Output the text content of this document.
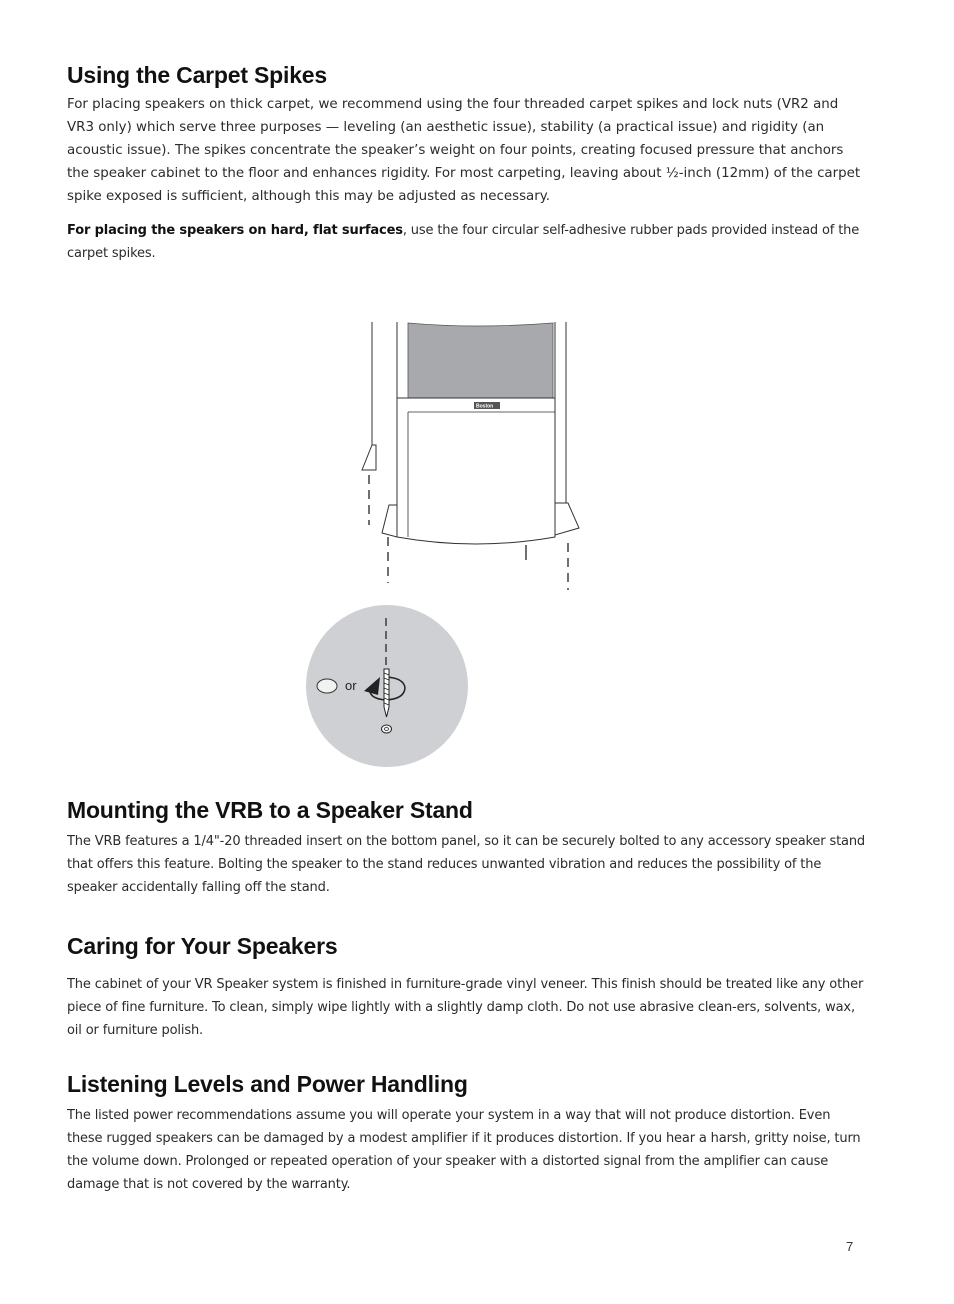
Using the Carpet Spikes

For placing speakers on thick carpet, we recommend using the four threaded carpet spikes and lock nuts (VR2 and VR3 only) which serve three purposes — leveling (an aesthetic issue), stability (a practical issue) and rigidity (an acoustic issue). The spikes concentrate the speaker’s weight on four points, creating focused pressure that anchors the speaker cabinet to the floor and enhances rigidity. For most carpeting, leaving about ½-inch (12mm) of the carpet spike exposed is sufficient, although this may be adjusted as necessary.

For placing the speakers on hard, flat surfaces, use the four circular self-adhesive rubber pads provided instead of the carpet spikes.

Boston
or
Mounting the VRB to a Speaker Stand

The VRB features a 1/4"-20 threaded insert on the bottom panel, so it can be securely bolted to any accessory speaker stand that offers this feature. Bolting the speaker to the stand reduces unwanted vibration and reduces the possibility of the speaker accidentally falling off the stand.

Caring for Your Speakers

The cabinet of your VR Speaker system is finished in furniture-grade vinyl veneer. This finish should be treated like any other piece of fine furniture. To clean, simply wipe lightly with a slightly damp cloth. Do not use abrasive clean-ers, solvents, wax, oil or furniture polish.

Listening Levels and Power Handling

The listed power recommendations assume you will operate your system in a way that will not produce distortion. Even these rugged speakers can be damaged by a modest amplifier if it produces distortion. If you hear a harsh, gritty noise, turn the volume down. Prolonged or repeated operation of your speaker with a distorted signal from the amplifier can cause damage that is not covered by the warranty.

7
